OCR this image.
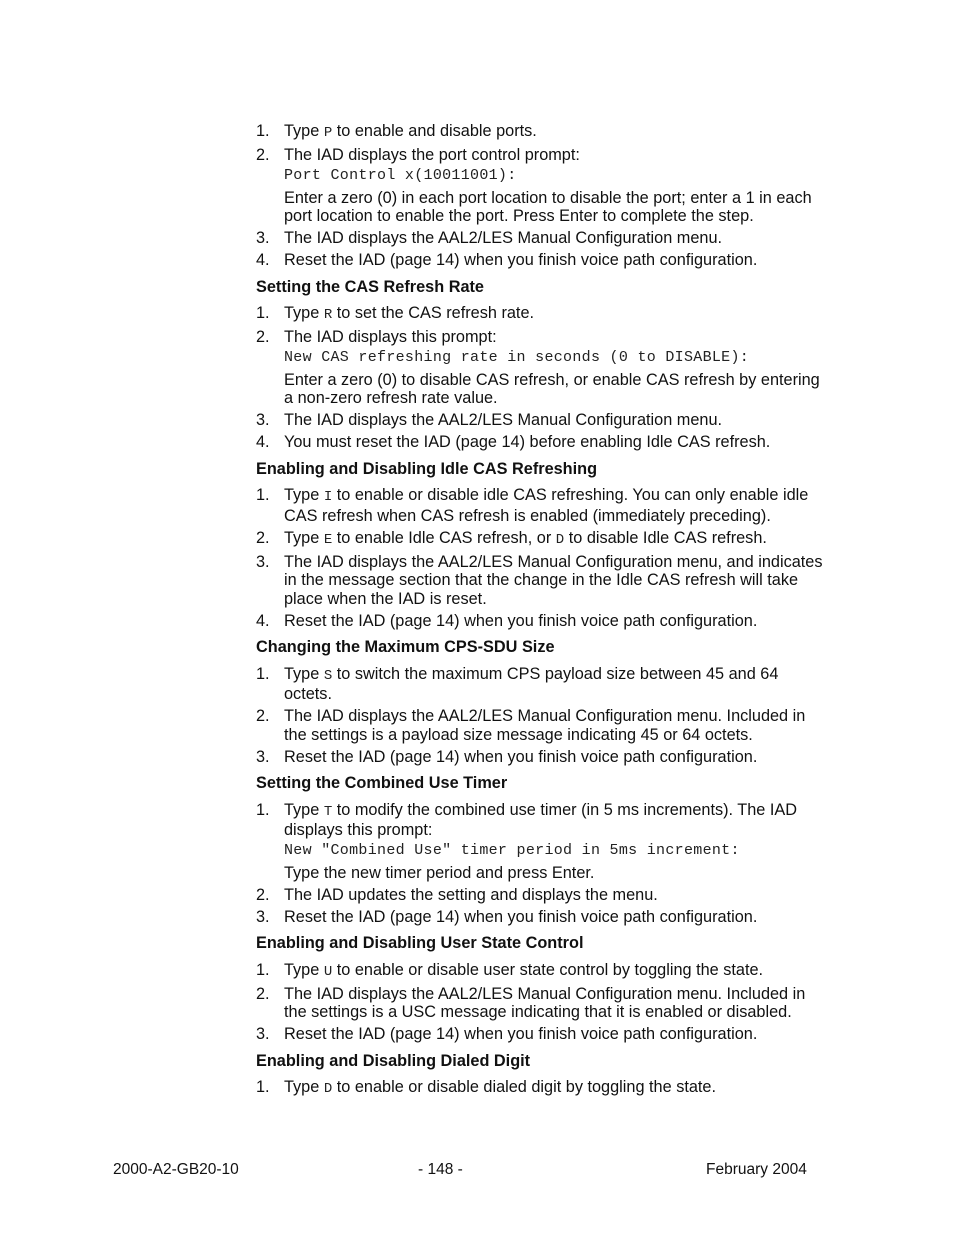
1. Type P to enable and disable ports.
2. The IAD displays the port control prompt:
Port Control x(10011001):
Enter a zero (0) in each port location to disable the port; enter a 1 in each port location to enable the port. Press Enter to complete the step.
3. The IAD displays the AAL2/LES Manual Configuration menu.
4. Reset the IAD (page 14) when you finish voice path configuration.
Setting the CAS Refresh Rate
1. Type R to set the CAS refresh rate.
2. The IAD displays this prompt:
New CAS refreshing rate in seconds (0 to DISABLE):
Enter a zero (0) to disable CAS refresh, or enable CAS refresh by entering a non-zero refresh rate value.
3. The IAD displays the AAL2/LES Manual Configuration menu.
4. You must reset the IAD (page 14) before enabling Idle CAS refresh.
Enabling and Disabling Idle CAS Refreshing
1. Type I to enable or disable idle CAS refreshing. You can only enable idle CAS refresh when CAS refresh is enabled (immediately preceding).
2. Type E to enable Idle CAS refresh, or D to disable Idle CAS refresh.
3. The IAD displays the AAL2/LES Manual Configuration menu, and indicates in the message section that the change in the Idle CAS refresh will take place when the IAD is reset.
4. Reset the IAD (page 14) when you finish voice path configuration.
Changing the Maximum CPS-SDU Size
1. Type S to switch the maximum CPS payload size between 45 and 64 octets.
2. The IAD displays the AAL2/LES Manual Configuration menu. Included in the settings is a payload size message indicating 45 or 64 octets.
3. Reset the IAD (page 14) when you finish voice path configuration.
Setting the Combined Use Timer
1. Type T to modify the combined use timer (in 5 ms increments). The IAD displays this prompt:
New "Combined Use" timer period in 5ms increment:
Type the new timer period and press Enter.
2. The IAD updates the setting and displays the menu.
3. Reset the IAD (page 14) when you finish voice path configuration.
Enabling and Disabling User State Control
1. Type U to enable or disable user state control by toggling the state.
2. The IAD displays the AAL2/LES Manual Configuration menu. Included in the settings is a USC message indicating that it is enabled or disabled.
3. Reset the IAD (page 14) when you finish voice path configuration.
Enabling and Disabling Dialed Digit
1. Type D to enable or disable dialed digit by toggling the state.
2000-A2-GB20-10	- 148 -	February 2004
